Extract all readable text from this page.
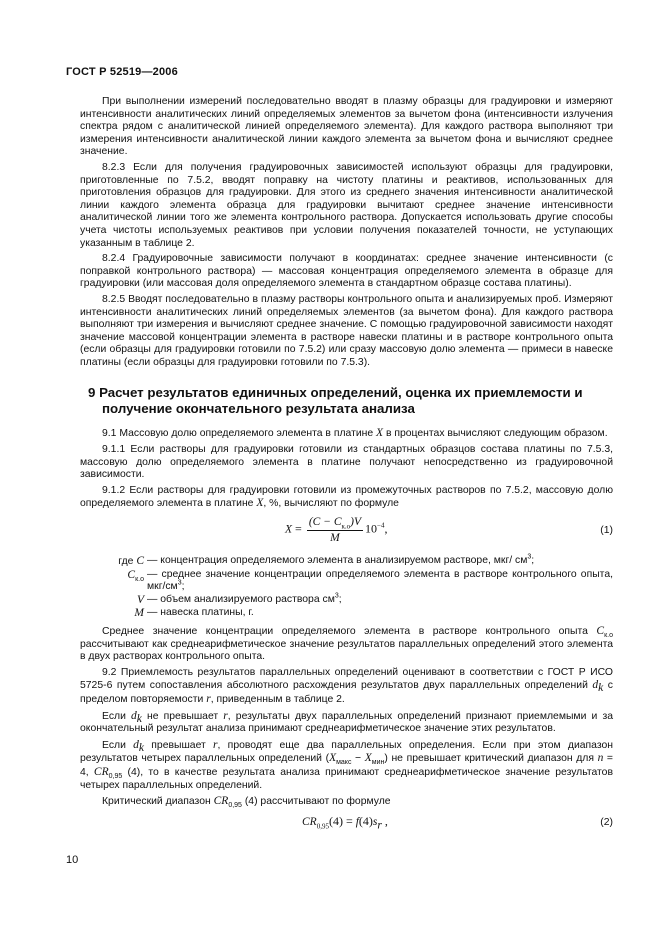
ГОСТ Р 52519—2006

При выполнении измерений последовательно вводят в плазму образцы для градуировки и измеряют интенсивности аналитических линий определяемых элементов за вычетом фона (интенсивности излучения спектра рядом с аналитической линией определяемого элемента). Для каждого раствора выполняют три измерения интенсивности аналитической линии каждого элемента за вычетом фона и вычисляют среднее значение.

8.2.3 Если для получения градуировочных зависимостей используют образцы для градуировки, приготовленные по 7.5.2, вводят поправку на чистоту платины и реактивов, использованных для приготовления образцов для градуировки. Для этого из среднего значения интенсивности аналитической линии каждого элемента образца для градуировки вычитают среднее значение интенсивности аналитической линии того же элемента контрольного раствора. Допускается использовать другие способы учета чистоты используемых реактивов при условии получения показателей точности, не уступающих указанным в таблице 2.

8.2.4 Градуировочные зависимости получают в координатах: среднее значение интенсивности (с поправкой контрольного раствора) — массовая концентрация определяемого элемента в образце для градуировки (или массовая доля определяемого элемента в стандартном образце состава платины).

8.2.5 Вводят последовательно в плазму растворы контрольного опыта и анализируемых проб. Измеряют интенсивности аналитических линий определяемых элементов (за вычетом фона). Для каждого раствора выполняют три измерения и вычисляют среднее значение. С помощью градуировочной зависимости находят значение массовой концентрации элемента в растворе навески платины и в растворе контрольного опыта (если образцы для градуировки готовили по 7.5.2) или сразу массовую долю элемента — примеси в навеске платины (если образцы для градуировки готовили по 7.5.3).

9 Расчет результатов единичных определений, оценка их приемлемости и получение окончательного результата анализа

9.1 Массовую долю определяемого элемента в платине X в процентах вычисляют следующим образом.

9.1.1 Если растворы для градуировки готовили из стандартных образцов состава платины по 7.5.3, массовую долю определяемого элемента в платине получают непосредственно из градуировочной зависимости.

9.1.2 Если растворы для градуировки готовили из промежуточных растворов по 7.5.2, массовую долю определяемого элемента в платине X, %, вычисляют по формуле

$X = \frac{(C - C_{к.о})V}{M} 10^{-4}$,	(1)
где C — концентрация определяемого элемента в анализируемом растворе, мкг/ $см^3$;
$C_{к.о}$ — среднее значение концентрации определяемого элемента в растворе контрольного опыта, мкг/$см^3$;
V — объем анализируемого раствора $см^3$;
M — навеска платины, г.

Среднее значение концентрации определяемого элемента в растворе контрольного опыта $C_{к.о}$ рассчитывают как среднеарифметическое значение результатов параллельных определений этого элемента в двух растворах контрольного опыта.

9.2 Приемлемость результатов параллельных определений оценивают в соответствии с ГОСТ Р ИСО 5725-6 путем сопоставления абсолютного расхождения результатов двух параллельных определений $d_k$ с пределом повторяемости r, приведенным в таблице 2.

Если $d_k$ не превышает r, результаты двух параллельных определений признают приемлемыми и за окончательный результат анализа принимают среднеарифметическое значение этих результатов.

Если $d_k$ превышает r, проводят еще два параллельных определения. Если при этом диапазон результатов четырех параллельных определений $(X_{макс} - X_{мин})$ не превышает критический диапазон для n = 4, $CR_{0,95}$ (4), то в качестве результата анализа принимают среднеарифметическое значение результатов четырех параллельных определений.

Критический диапазон $CR_{0,95}$ (4) рассчитывают по формуле

$CR_{0,95}(4) = f(4)s_r$ ,	(2)
10
